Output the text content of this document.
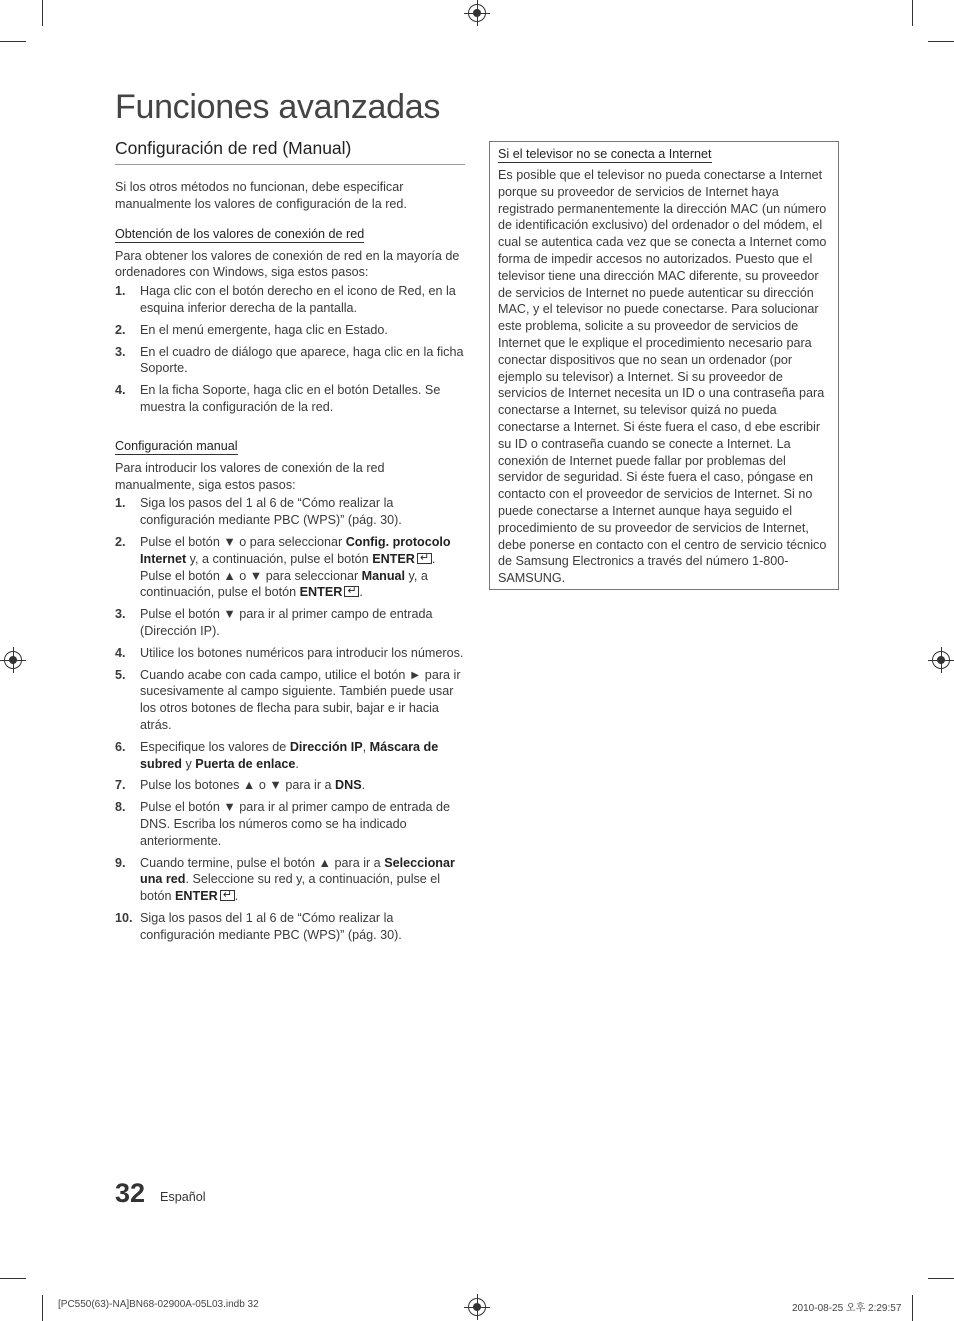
Funciones avanzadas
Configuración de red (Manual)

Si los otros métodos no funcionan, debe especificar manualmente los valores de configuración de la red.

Obtención de los valores de conexión de red

Para obtener los valores de conexión de red en la mayoría de ordenadores con Windows, siga estos pasos:

1. Haga clic con el botón derecho en el icono de Red, en la esquina inferior derecha de la pantalla.
2. En el menú emergente, haga clic en Estado.
3. En el cuadro de diálogo que aparece, haga clic en la ficha Soporte.
4. En la ficha Soporte, haga clic en el botón Detalles. Se muestra la configuración de la red.
Configuración manual

Para introducir los valores de conexión de la red manualmente, siga estos pasos:

1. Siga los pasos del 1 al 6 de “Cómo realizar la configuración mediante PBC (WPS)” (pág. 30).
2. Pulse el botón ▼ o para seleccionar Config. protocolo Internet y, a continuación, pulse el botón ENTER ↵ . Pulse el botón ▲ o ▼ para seleccionar Manual y, a continuación, pulse el botón ENTER ↵ .
3. Pulse el botón ▼ para ir al primer campo de entrada (Dirección IP).
4. Utilice los botones numéricos para introducir los números.
5. Cuando acabe con cada campo, utilice el botón ► para ir sucesivamente al campo siguiente. También puede usar los otros botones de flecha para subir, bajar e ir hacia atrás.
6. Especifique los valores de Dirección IP, Máscara de subred y Puerta de enlace.
7. Pulse los botones ▲ o ▼ para ir a DNS.
8. Pulse el botón ▼ para ir al primer campo de entrada de DNS. Escriba los números como se ha indicado anteriormente.
9. Cuando termine, pulse el botón ▲ para ir a Seleccionar una red. Seleccione su red y, a continuación, pulse el botón ENTER ↵ .
10. Siga los pasos del 1 al 6 de “Cómo realizar la configuración mediante PBC (WPS)” (pág. 30).
Si el televisor no se conecta a Internet

Es posible que el televisor no pueda conectarse a Internet porque su proveedor de servicios de Internet haya registrado permanentemente la dirección MAC (un número de identificación exclusivo) del ordenador o del módem, el cual se autentica cada vez que se conecta a Internet como forma de impedir accesos no autorizados. Puesto que el televisor tiene una dirección MAC diferente, su proveedor de servicios de Internet no puede autenticar su dirección MAC, y el televisor no puede conectarse. Para solucionar este problema, solicite a su proveedor de servicios de Internet que le explique el procedimiento necesario para conectar dispositivos que no sean un ordenador (por ejemplo su televisor) a Internet. Si su proveedor de servicios de Internet necesita un ID o una contraseña para conectarse a Internet, su televisor quizá no pueda conectarse a Internet. Si éste fuera el caso, d ebe escribir su ID o contraseña cuando se conecte a Internet. La conexión de Internet puede fallar por problemas del servidor de seguridad. Si éste fuera el caso, póngase en contacto con el proveedor de servicios de Internet. Si no puede conectarse a Internet aunque haya seguido el procedimiento de su proveedor de servicios de Internet, debe ponerse en contacto con el centro de servicio técnico de Samsung Electronics a través del número 1-800-SAMSUNG.

32 Español
[PC550(63)-NA]BN68-02900A-05L03.indb 32	2010-08-25 오후 2:29:57
